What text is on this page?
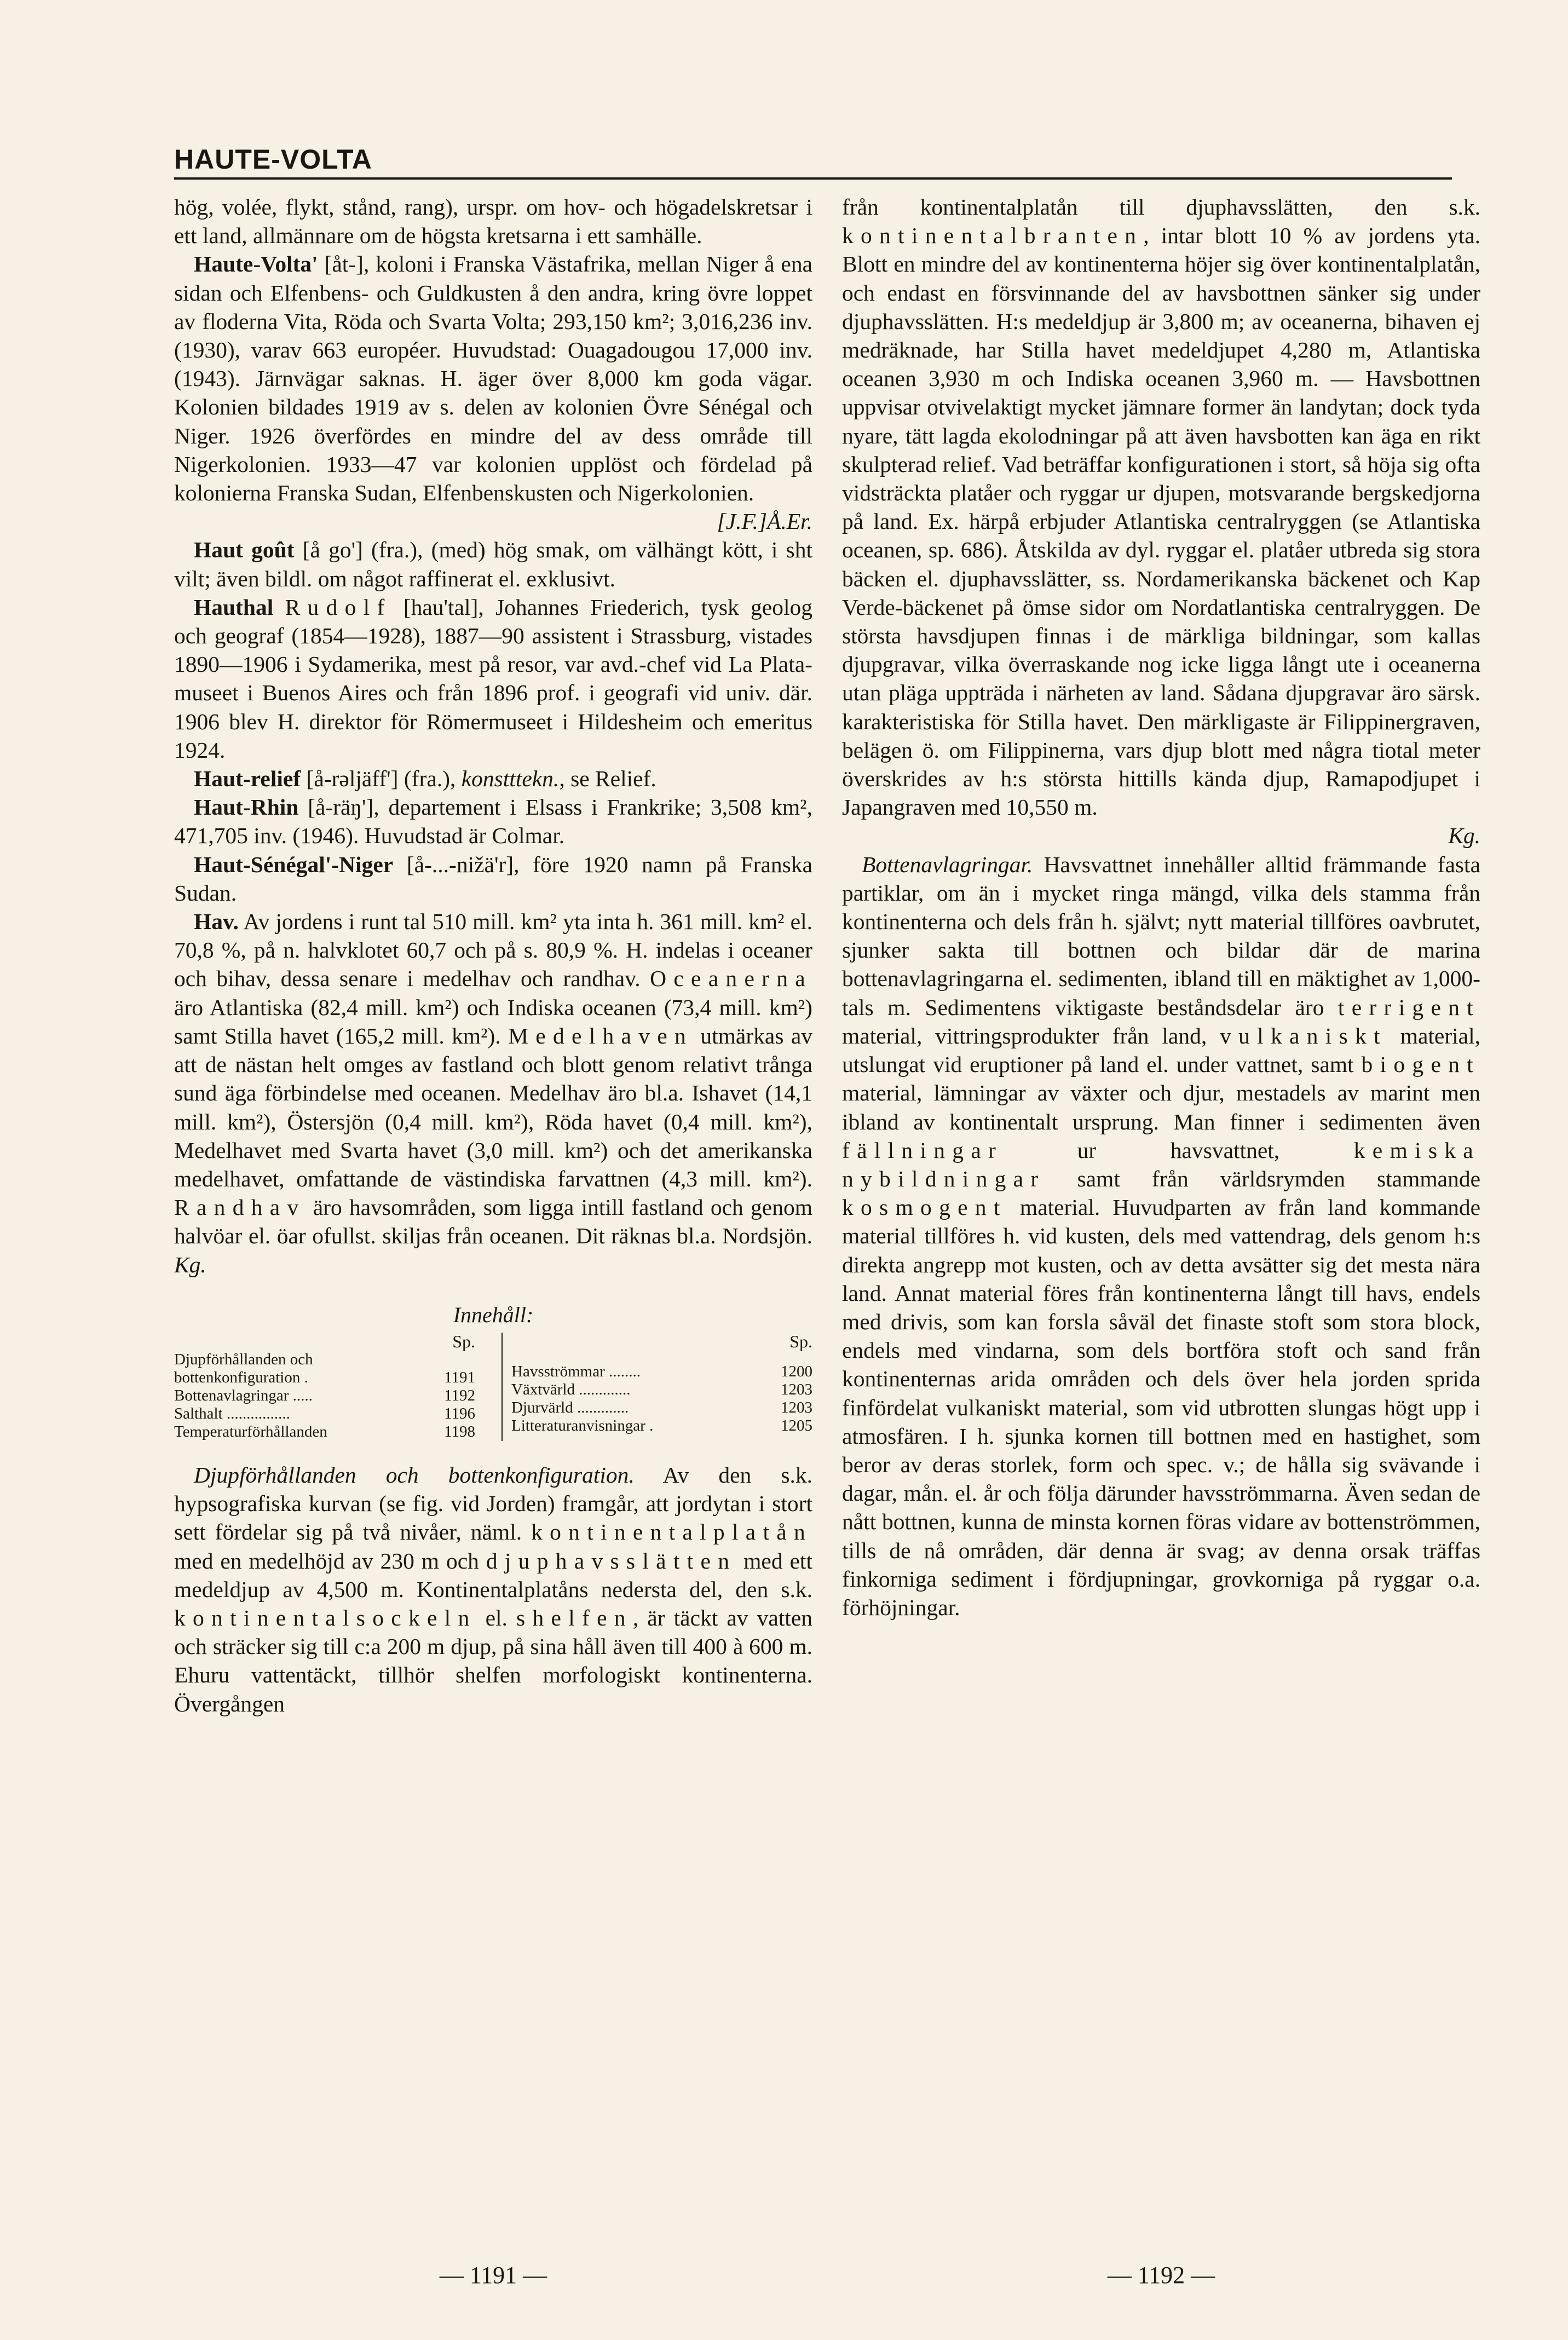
HAUTE-VOLTA

hög, volée, flykt, stånd, rang), urspr. om hov- och högadelskretsar i ett land, allmännare om de högsta kretsarna i ett samhälle.

Haute-Volta' [åt-], koloni i Franska Västafrika, mellan Niger å ena sidan och Elfenbens- och Guldkusten å den andra, kring övre loppet av floderna Vita, Röda och Svarta Volta; 293,150 km²; 3,016,236 inv. (1930), varav 663 européer. Huvudstad: Ouagadougou 17,000 inv. (1943). Järnvägar saknas. H. äger över 8,000 km goda vägar. Kolonien bildades 1919 av s. delen av kolonien Övre Sénégal och Niger. 1926 överfördes en mindre del av dess område till Nigerkolonien. 1933—47 var kolonien upplöst och fördelad på kolonierna Franska Sudan, Elfenbenskusten och Nigerkolonien.
[J.F.]Å.Er.

Haut goût [å go'] (fra.), (med) hög smak, om välhängt kött, i sht vilt; även bildl. om något raffinerat el. exklusivt.

Hauthal Rudolf [hau'tal], Johannes Friederich, tysk geolog och geograf (1854—1928), 1887—90 assistent i Strassburg, vistades 1890—1906 i Sydamerika, mest på resor, var avd.-chef vid La Plata-museet i Buenos Aires och från 1896 prof. i geografi vid univ. där. 1906 blev H. direktor för Römermuseet i Hildesheim och emeritus 1924.

Haut-relief [å-rəljäff'] (fra.), konstttekn., se Relief.

Haut-Rhin [å-räŋ'], departement i Elsass i Frankrike; 3,508 km², 471,705 inv. (1946). Huvudstad är Colmar.

Haut-Sénégal'-Niger [å-...-nižä'r], före 1920 namn på Franska Sudan.

Hav. Av jordens i runt tal 510 mill. km² yta inta h. 361 mill. km² el. 70,8 %, på n. halvklotet 60,7 och på s. 80,9 %. H. indelas i oceaner och bihav, dessa senare i medelhav och randhav. Oceanerna äro Atlantiska (82,4 mill. km²) och Indiska oceanen (73,4 mill. km²) samt Stilla havet (165,2 mill. km²). Medelhaven utmärkas av att de nästan helt omges av fastland och blott genom relativt trånga sund äga förbindelse med oceanen. Medelhav äro bl.a. Ishavet (14,1 mill. km²), Östersjön (0,4 mill. km²), Röda havet (0,4 mill. km²), Medelhavet med Svarta havet (3,0 mill. km²) och det amerikanska medelhavet, omfattande de västindiska farvattnen (4,3 mill. km²). Randhav äro havsområden, som ligga intill fastland och genom halvöar el. öar ofullst. skiljas från oceanen. Dit räknas bl.a. Nordsjön. Kg.

Innehåll:
Sp.
Djupförhållanden och
bottenkonfiguration .	1191
Bottenavlagringar .....	1192
Salthalt ................	1196
Temperaturförhållanden	1198
Sp.
Havsströmmar ........	1200
Växtvärld .............	1203
Djurvärld .............	1203
Litteraturanvisningar .	1205

Djupförhållanden och bottenkonfiguration. Av den s.k. hypsografiska kurvan (se fig. vid Jorden) framgår, att jordytan i stort sett fördelar sig på två nivåer, näml. kontinentalplatån med en medelhöjd av 230 m och djuphavsslätten med ett medeldjup av 4,500 m. Kontinentalplatåns nedersta del, den s.k. kontinentalsockeln el. shelfen, är täckt av vatten och sträcker sig till c:a 200 m djup, på sina håll även till 400 à 600 m. Ehuru vattentäckt, tillhör shelfen morfologiskt kontinenterna. Övergången

från kontinentalplatån till djuphavsslätten, den s.k. kontinentalbranten, intar blott 10 % av jordens yta. Blott en mindre del av kontinenterna höjer sig över kontinentalplatån, och endast en försvinnande del av havsbottnen sänker sig under djuphavsslätten. H:s medeldjup är 3,800 m; av oceanerna, bihaven ej medräknade, har Stilla havet medeldjupet 4,280 m, Atlantiska oceanen 3,930 m och Indiska oceanen 3,960 m. — Havsbottnen uppvisar otvivelaktigt mycket jämnare former än landytan; dock tyda nyare, tätt lagda ekolodningar på att även havsbotten kan äga en rikt skulpterad relief. Vad beträffar konfigurationen i stort, så höja sig ofta vidsträckta platåer och ryggar ur djupen, motsvarande bergskedjorna på land. Ex. härpå erbjuder Atlantiska centralryggen (se Atlantiska oceanen, sp. 686). Åtskilda av dyl. ryggar el. platåer utbreda sig stora bäcken el. djuphavsslätter, ss. Nordamerikanska bäckenet och Kap Verde-bäckenet på ömse sidor om Nordatlantiska centralryggen. De största havsdjupen finnas i de märkliga bildningar, som kallas djupgravar, vilka överraskande nog icke ligga långt ute i oceanerna utan pläga uppträda i närheten av land. Sådana djupgravar äro särsk. karakteristiska för Stilla havet. Den märkligaste är Filippinergraven, belägen ö. om Filippinerna, vars djup blott med några tiotal meter överskrides av h:s största hittills kända djup, Ramapodjupet i Japangraven med 10,550 m.
Kg.

Bottenavlagringar. Havsvattnet innehåller alltid främmande fasta partiklar, om än i mycket ringa mängd, vilka dels stamma från kontinenterna och dels från h. självt; nytt material tillföres oavbrutet, sjunker sakta till bottnen och bildar där de marina bottenavlagringarna el. sedimenten, ibland till en mäktighet av 1,000-tals m. Sedimentens viktigaste beståndsdelar äro terrigent material, vittringsprodukter från land, vulkaniskt material, utslungat vid eruptioner på land el. under vattnet, samt biogent material, lämningar av växter och djur, mestadels av marint men ibland av kontinentalt ursprung. Man finner i sedimenten även fällningar ur havsvattnet, kemiska nybildningar samt från världsrymden stammande kosmogent material. Huvudparten av från land kommande material tillföres h. vid kusten, dels med vattendrag, dels genom h:s direkta angrepp mot kusten, och av detta avsätter sig det mesta nära land. Annat material föres från kontinenterna långt till havs, endels med drivis, som kan forsla såväl det finaste stoft som stora block, endels med vindarna, som dels bortföra stoft och sand från kontinenternas arida områden och dels över hela jorden sprida finfördelat vulkaniskt material, som vid utbrotten slungas högt upp i atmosfären. I h. sjunka kornen till bottnen med en hastighet, som beror av deras storlek, form och spec. v.; de hålla sig svävande i dagar, mån. el. år och följa därunder havsströmmarna. Även sedan de nått bottnen, kunna de minsta kornen föras vidare av bottenströmmen, tills de nå områden, där denna är svag; av denna orsak träffas finkorniga sediment i fördjupningar, grovkorniga på ryggar o.a. förhöjningar.

— 1191 —	— 1192 —
